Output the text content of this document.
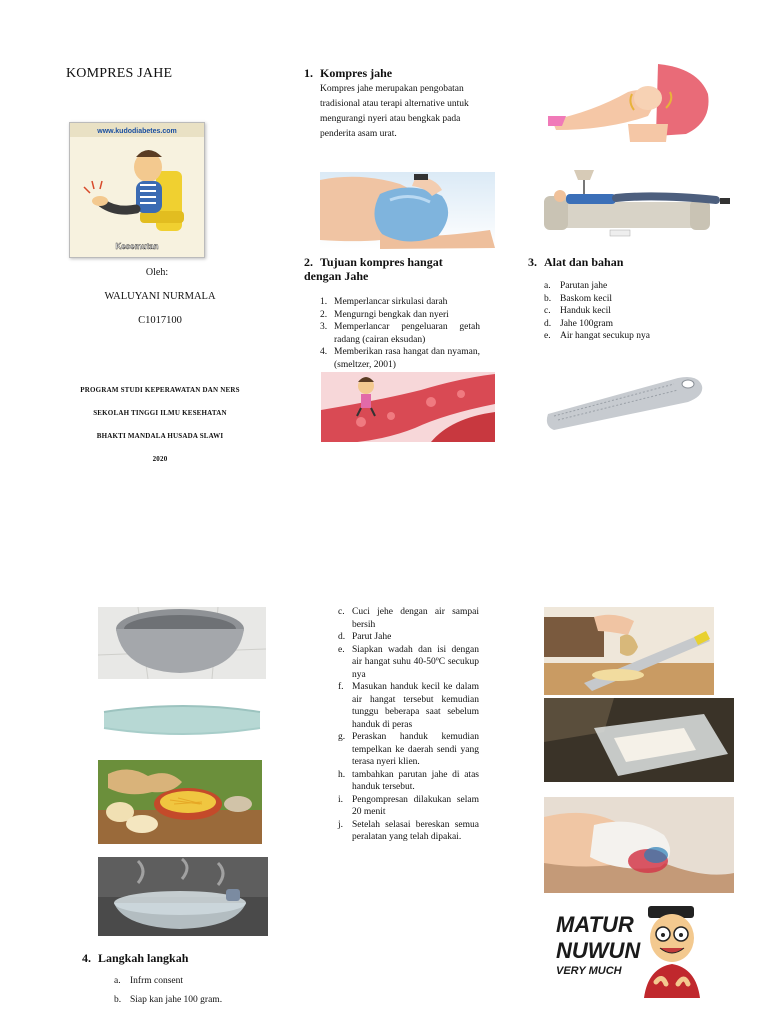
KOMPRES JAHE
www.kudodiabetes.com
Kesemutan
Oleh:
WALUYANI NURMALA
C1017100
PROGRAM STUDI KEPERAWATAN DAN NERS
SEKOLAH TINGGI ILMU KESEHATAN
BHAKTI MANDALA HUSADA SLAWI
2020
1. Kompres jahe
Kompres jahe merupakan pengobatan tradisional atau terapi alternative untuk mengurangi nyeri atau bengkak pada penderita asam urat.
2. Tujuan kompres hangat dengan Jahe
1. Memperlancar sirkulasi darah
2. Mengurngi bengkak dan nyeri
3. Memperlancar pengeluaran getah radang (cairan eksudan)
4. Memberikan rasa hangat dan nyaman, (smeltzer, 2001)
3. Alat dan bahan
a. Parutan jahe
b. Baskom kecil
c. Handuk kecil
d. Jahe 100gram
e. Air hangat secukup nya
4. Langkah langkah
a. Infrm consent
b. Siap kan jahe 100 gram.
c. Cuci jehe dengan air sampai bersih
d. Parut Jahe
e. Siapkan wadah dan isi dengan air hangat suhu 40-50ºC secukup nya
f. Masukan handuk kecil ke dalam air hangat tersebut kemudian tunggu beberapa saat sebelum handuk di peras
g. Peraskan handuk kemudian tempelkan ke daerah sendi yang terasa nyeri klien.
h. tambahkan parutan jahe di atas handuk tersebut.
i. Pengompresan dilakukan selam 20 menit
j. Setelah selasai bereskan semua peralatan yang telah dipakai.
MATUR
NUWUN
VERY MUCH
